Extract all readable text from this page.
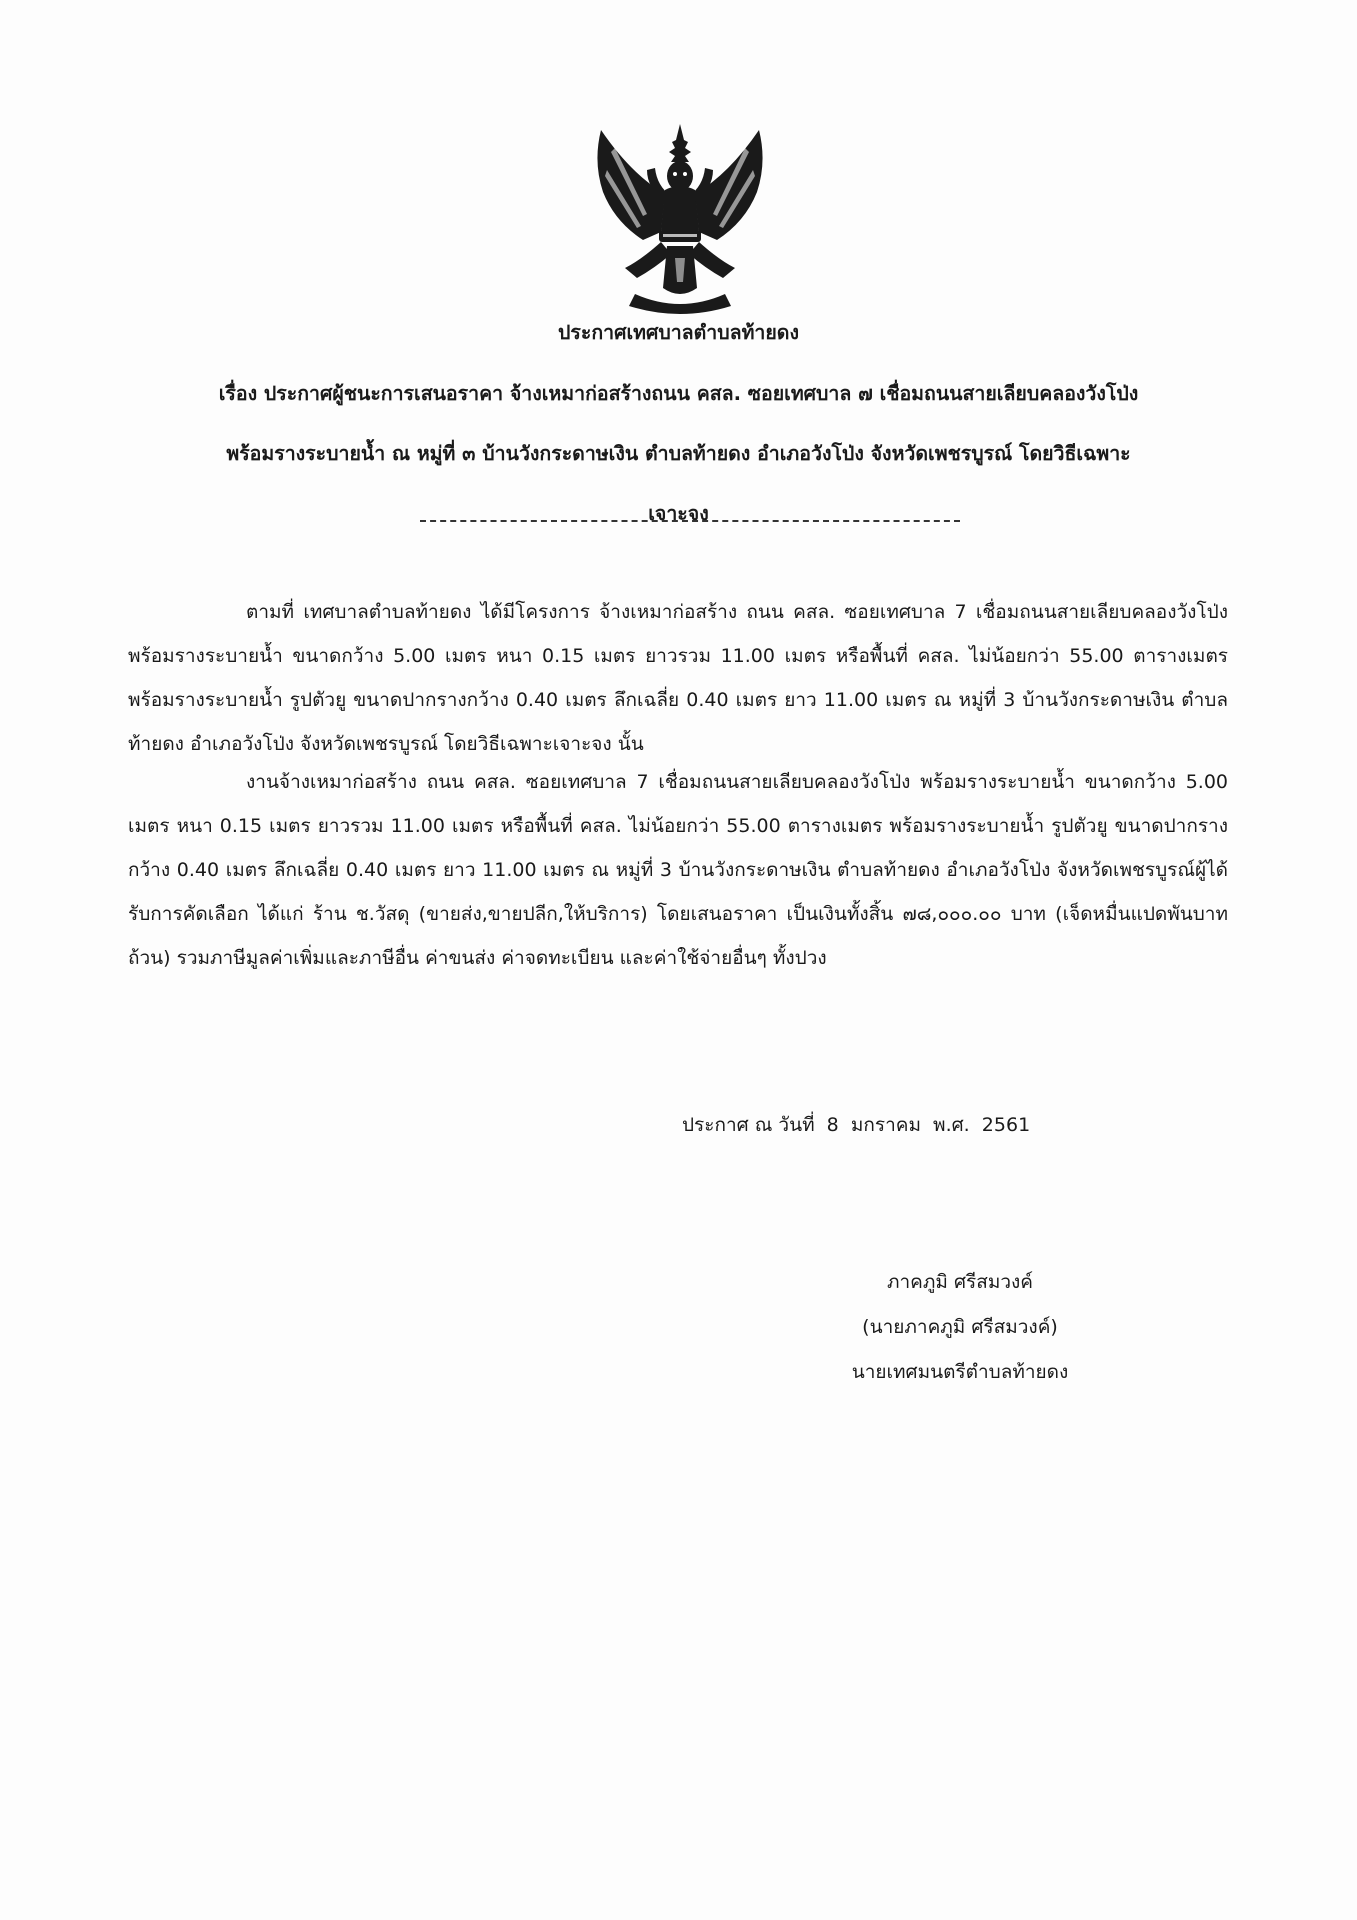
ประกาศเทศบาลตำบลท้ายดง
เรื่อง ประกาศผู้ชนะการเสนอราคา จ้างเหมาก่อสร้างถนน คสล. ซอยเทศบาล ๗ เชื่อมถนนสายเลียบคลองวังโป่ง
พร้อมรางระบายน้ำ ณ หมู่ที่ ๓ บ้านวังกระดาษเงิน ตำบลท้ายดง อำเภอวังโป่ง จังหวัดเพชรบูรณ์ โดยวิธีเฉพาะ
เจาะจง
ตามที่ เทศบาลตำบลท้ายดง ได้มีโครงการ จ้างเหมาก่อสร้าง ถนน คสล. ซอยเทศบาล 7 เชื่อมถนนสายเลียบคลองวังโป่ง พร้อมรางระบายน้ำ ขนาดกว้าง 5.00 เมตร หนา 0.15 เมตร ยาวรวม 11.00 เมตร หรือพื้นที่ คสล. ไม่น้อยกว่า 55.00 ตารางเมตร พร้อมรางระบายน้ำ รูปตัวยู ขนาดปากรางกว้าง 0.40 เมตร ลึกเฉลี่ย 0.40 เมตร ยาว 11.00 เมตร ณ หมู่ที่ 3 บ้านวังกระดาษเงิน ตำบลท้ายดง อำเภอวังโป่ง จังหวัดเพชรบูรณ์ โดยวิธีเฉพาะเจาะจง นั้น
งานจ้างเหมาก่อสร้าง ถนน คสล. ซอยเทศบาล 7 เชื่อมถนนสายเลียบคลองวังโป่ง พร้อมรางระบายน้ำ ขนาดกว้าง 5.00 เมตร หนา 0.15 เมตร ยาวรวม 11.00 เมตร หรือพื้นที่ คสล. ไม่น้อยกว่า 55.00 ตารางเมตร พร้อมรางระบายน้ำ รูปตัวยู ขนาดปากรางกว้าง 0.40 เมตร ลึกเฉลี่ย 0.40 เมตร ยาว 11.00 เมตร ณ หมู่ที่ 3 บ้านวังกระดาษเงิน ตำบลท้ายดง อำเภอวังโป่ง จังหวัดเพชรบูรณ์ผู้ได้รับการคัดเลือก ได้แก่ ร้าน ช.วัสดุ (ขายส่ง,ขายปลีก,ให้บริการ) โดยเสนอราคา เป็นเงินทั้งสิ้น ๗๘,๐๐๐.๐๐ บาท (เจ็ดหมื่นแปดพันบาทถ้วน) รวมภาษีมูลค่าเพิ่มและภาษีอื่น ค่าขนส่ง ค่าจดทะเบียน และค่าใช้จ่ายอื่นๆ ทั้งปวง
ประกาศ ณ วันที่  8  มกราคม  พ.ศ.  2561
ภาคภูมิ ศรีสมวงค์
(นายภาคภูมิ ศรีสมวงค์)
นายเทศมนตรีตำบลท้ายดง
